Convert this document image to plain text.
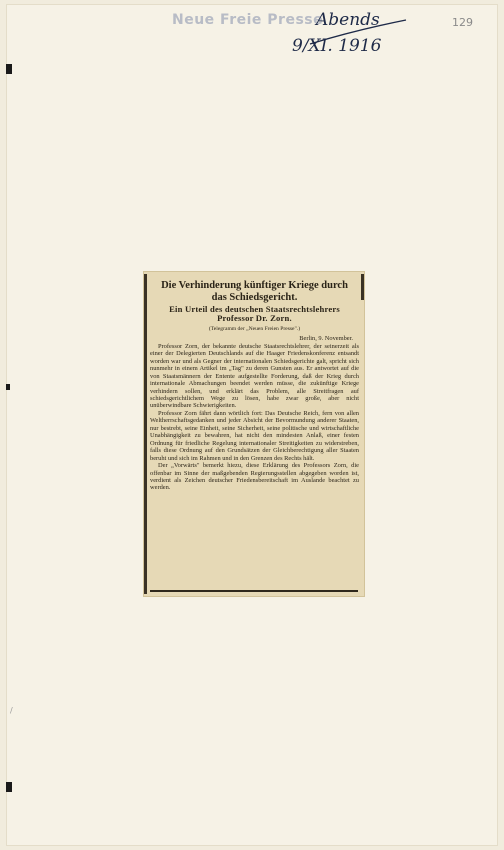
Neue Freie Presse
Abends
9/XI. 1916
129
/
Die Verhinderung künftiger Kriege durch
das Schiedsgericht.
Ein Urteil des deutschen Staatsrechtslehrers
Professor Dr. Zorn.
(Telegramm der „Neuen Freien Presse".)
Berlin, 9. November.

Professor Zorn, der bekannte deutsche Staatsrechtslehrer, der seinerzeit als einer der Delegierten Deutschlands auf die Haager Friedenskonferenz entsandt worden war und als Gegner der internationalen Schiedsgerichte galt, spricht sich nunmehr in einem Artikel im „Tag" zu deren Gunsten aus. Er antwortet auf die von Staatsmännern der Entente aufgestellte Forderung, daß der Krieg durch internationale Abmachungen beendet werden müsse, die zukünftige Kriege verhindern sollen, und erklärt das Problem, alle Streitfragen auf schiedsgerichtlichem Wege zu lösen, habe zwar große, aber nicht unüberwindbare Schwierigkeiten.

Professor Zorn fährt dann wörtlich fort: Das Deutsche Reich, fern von allen Weltherrschaftsgedanken und jeder Absicht der Bevormundung anderer Staaten, nur bestrebt, seine Einheit, seine Sicherheit, seine politische und wirtschaftliche Unabhängigkeit zu bewahren, hat nicht den mindesten Anlaß, einer festen Ordnung für friedliche Regelung internationaler Streitigkeiten zu widerstreben, falls diese Ordnung auf den Grundsätzen der Gleichberechtigung aller Staaten beruht und sich im Rahmen und in den Grenzen des Rechts hält.

Der „Vorwärts" bemerkt hiezu, diese Erklärung des Professors Zorn, die offenbar im Sinne der maßgebenden Regierungsstellen abgegeben worden ist, verdient als Zeichen deutscher Friedensbereitschaft im Auslande beachtet zu werden.
